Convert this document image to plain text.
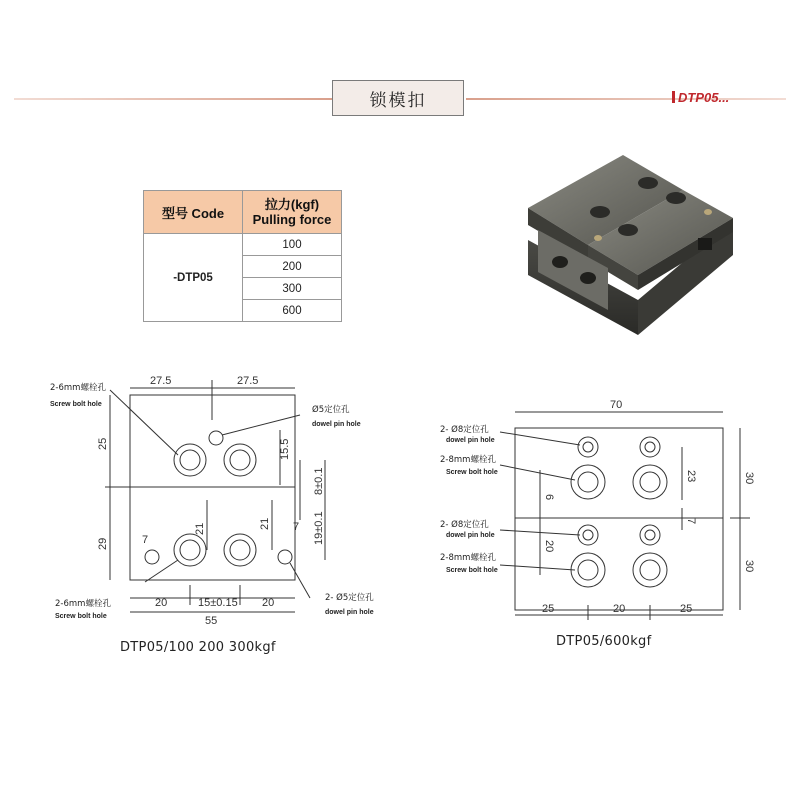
锁模扣	DTP05...
型号 Code	拉力(kgf)
Pulling force

-DTP05	100
	200
	300
	600
27.5	27.5
25
29
20	15±0.15 20
55
15.5
8±0.1
21	19±0.1
21
7
7
2-6mm螺栓孔
Screw bolt hole
Ø5定位孔
dowel pin hole
2-6mm螺栓孔
Screw bolt hole
2- Ø5定位孔
dowel pin hole
DTP05/100 200 300kgf
70
30
30
23
6
7
20
25	20	25
2- Ø8定位孔
dowel pin hole
2-8mm螺栓孔
Screw bolt hole
2- Ø8定位孔
dowel pin hole
2-8mm螺栓孔
Screw bolt hole
DTP05/600kgf
